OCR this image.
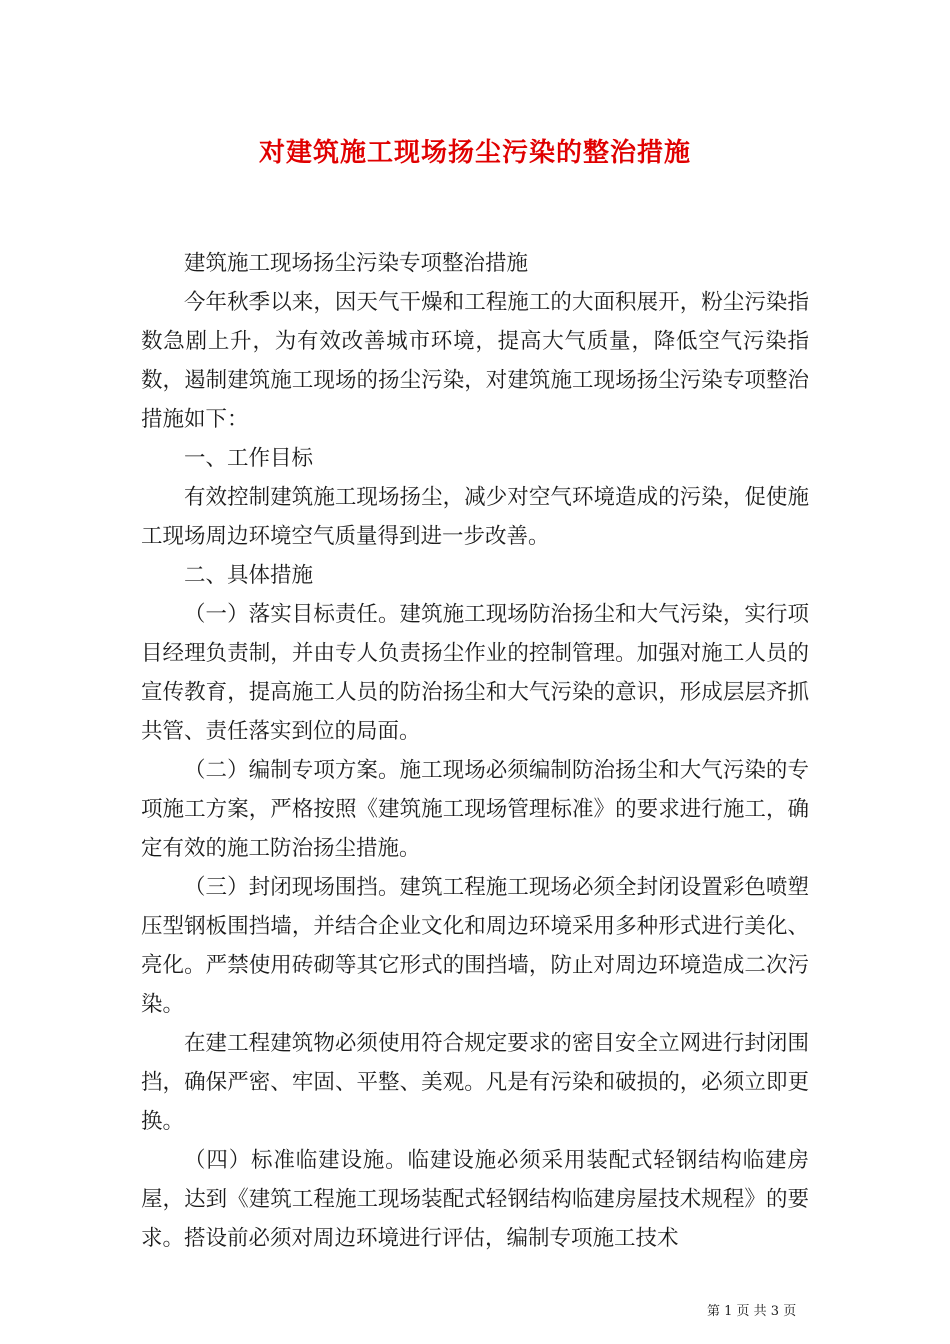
对建筑施工现场扬尘污染的整治措施

建筑施工现场扬尘污染专项整治措施

今年秋季以来，因天气干燥和工程施工的大面积展开，粉尘污染指数急剧上升，为有效改善城市环境，提高大气质量，降低空气污染指数，遏制建筑施工现场的扬尘污染，对建筑施工现场扬尘污染专项整治措施如下：

一、工作目标

有效控制建筑施工现场扬尘，减少对空气环境造成的污染，促使施工现场周边环境空气质量得到进一步改善。

二、具体措施

（一）落实目标责任。建筑施工现场防治扬尘和大气污染，实行项目经理负责制，并由专人负责扬尘作业的控制管理。加强对施工人员的宣传教育，提高施工人员的防治扬尘和大气污染的意识，形成层层齐抓共管、责任落实到位的局面。

（二）编制专项方案。施工现场必须编制防治扬尘和大气污染的专项施工方案，严格按照《建筑施工现场管理标准》的要求进行施工，确定有效的施工防治扬尘措施。

（三）封闭现场围挡。建筑工程施工现场必须全封闭设置彩色喷塑压型钢板围挡墙，并结合企业文化和周边环境采用多种形式进行美化、亮化。严禁使用砖砌等其它形式的围挡墙，防止对周边环境造成二次污染。

在建工程建筑物必须使用符合规定要求的密目安全立网进行封闭围挡，确保严密、牢固、平整、美观。凡是有污染和破损的，必须立即更换。

（四）标准临建设施。临建设施必须采用装配式轻钢结构临建房屋，达到《建筑工程施工现场装配式轻钢结构临建房屋技术规程》的要求。搭设前必须对周边环境进行评估，编制专项施工技术

第 1 页 共 3 页
